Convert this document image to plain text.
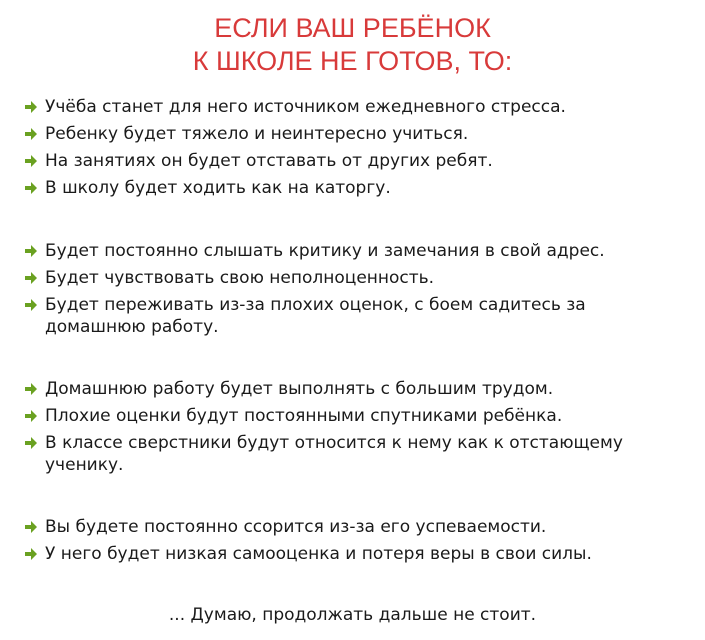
ЕСЛИ ВАШ РЕБЁНОК
К ШКОЛЕ НЕ ГОТОВ, ТО:
Учёба станет для него источником ежедневного стресса.
Ребенку будет тяжело и неинтересно учиться.
На занятиях он будет отставать от других ребят.
В школу будет ходить как на каторгу.
Будет постоянно слышать критику и замечания в свой адрес.
Будет чувствовать свою неполноценность.
Будет переживать из-за плохих оценок, с боем садитесь за домашнюю работу.
Домашнюю работу будет выполнять с большим трудом.
Плохие оценки будут постоянными спутниками ребёнка.
В классе сверстники будут относится к нему как к отстающему ученику.
Вы будете постоянно ссорится из-за его успеваемости.
У него будет низкая самооценка и потеря веры в свои силы.
... Думаю, продолжать дальше не стоит.
